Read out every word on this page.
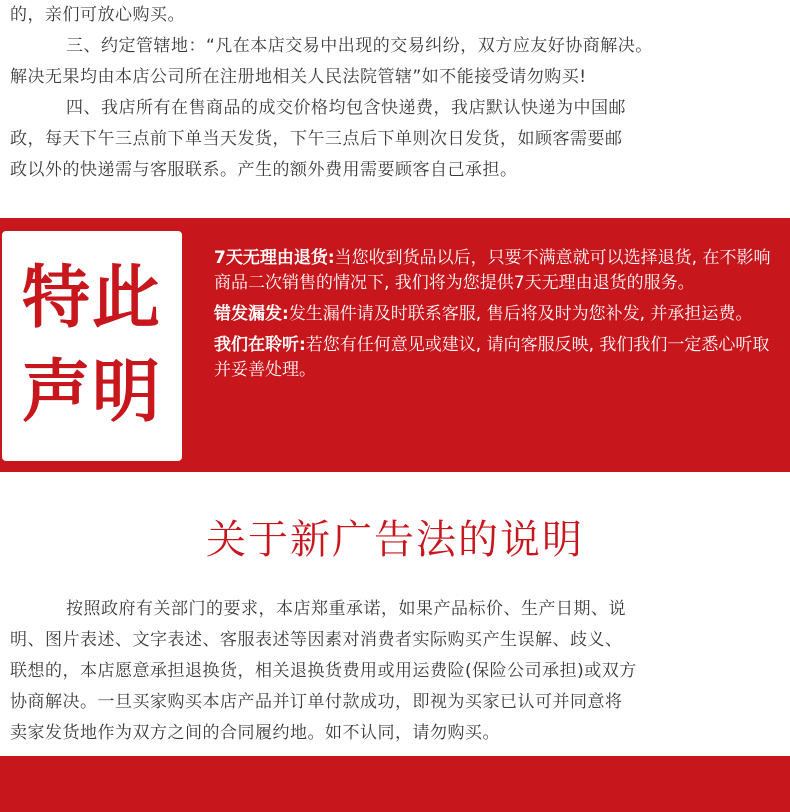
的，亲们可放心购买。

三、约定管辖地：“凡在本店交易中出现的交易纠纷，双方应友好协商解决。

解决无果均由本店公司所在注册地相关人民法院管辖”如不能接受请勿购买!

四、我店所有在售商品的成交价格均包含快递费，我店默认快递为中国邮

政，每天下午三点前下单当天发货，下午三点后下单则次日发货，如顾客需要邮

政以外的快递需与客服联系。产生的额外费用需要顾客自己承担。

特此
声明

7天无理由退货:当您收到货品以后，只要不满意就可以选择退货, 在不影响商品二次销售的情况下, 我们将为您提供7天无理由退货的服务。

错发漏发:发生漏件请及时联系客服, 售后将及时为您补发, 并承担运费。

我们在聆听:若您有任何意见或建议, 请向客服反映, 我们我们一定悉心听取并妥善处理。

关于新广告法的说明

按照政府有关部门的要求，本店郑重承诺，如果产品标价、生产日期、说

明、图片表述、文字表述、客服表述等因素对消费者实际购买产生误解、歧义、

联想的，本店愿意承担退换货，相关退换货费用或用运费险(保险公司承担)或双方

协商解决。一旦买家购买本店产品并订单付款成功，即视为买家已认可并同意将

卖家发货地作为双方之间的合同履约地。如不认同，请勿购买。
